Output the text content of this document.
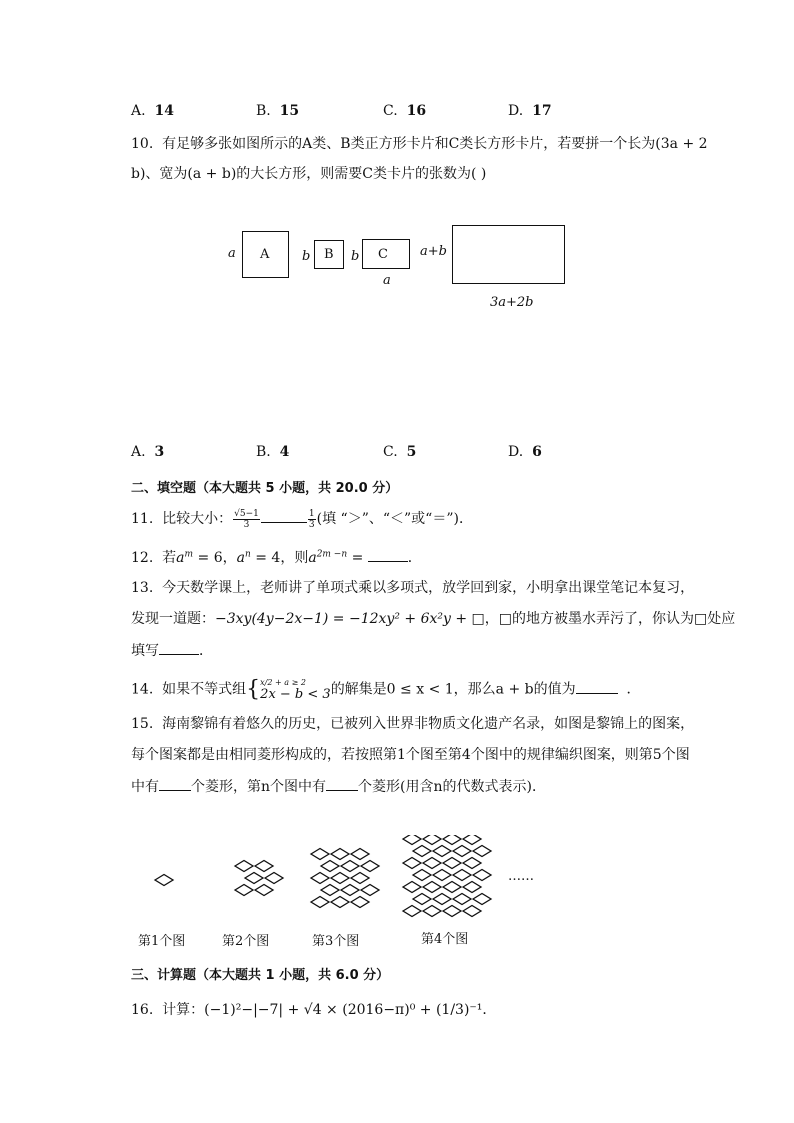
A. 14	B. 15	C. 16	D. 17
10. 有足够多张如图所示的A类、B类正方形卡片和C类长方形卡片，若要拼一个长为(3a + 2
b)、宽为(a + b)的大长方形，则需要C类卡片的张数为( )
a A	b B b C
a
a+b
3a+2b
A. 3	B. 4	C. 5	D. 6
二、填空题（本大题共 5 小题，共 20.0 分）
11. 比较大小： $\frac{√5-1}{3}$	$\frac{1}{3}$ (填 “＞”、“＜”或“＝”)．
12. 若$a^m = 6$，$a^n = 4$，则$a^{2m -n}$ =	．
13. 今天数学课上，老师讲了单项式乘以多项式，放学回到家，小明拿出课堂笔记本复习，
发现一道题：−3xy(4y−2x−1) = −12xy² + 6x²y + □，□的地方被墨水弄污了，你认为□处应
填写	．
14. 如果不等式组{ x/2 + a ≥ 2
2x − b < 3 的解集是0 ≤ x < 1，那么a + b的值为	．
15. 海南黎锦有着悠久的历史，已被列入世界非物质文化遗产名录，如图是黎锦上的图案，
每个图案都是由相同菱形构成的，若按照第1个图至第4个图中的规律编织图案，则第5个图
中有 个菱形，第n个图中有 个菱形(用含n的代数式表示)．
第1个图	第2个图	第3个图	第4个图
……
三、计算题（本大题共 1 小题，共 6.0 分）
16. 计算：(−1)²−|−7| + √4 × (2016−π)⁰ + (1/3)⁻¹．
